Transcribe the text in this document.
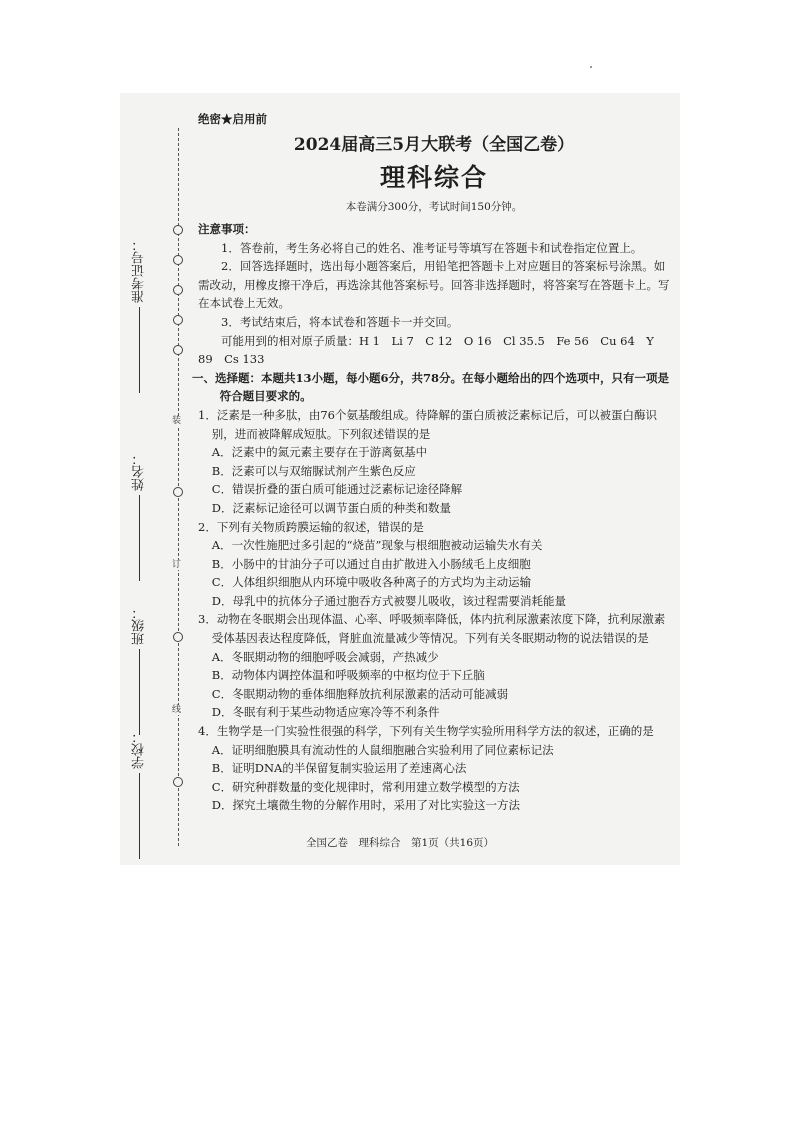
装
订
线
准考证号：
姓名：
班级：
学校：
绝密★启用前
2024届高三5月大联考（全国乙卷）
理科综合
本卷满分300分，考试时间150分钟。
注意事项：

1．答卷前，考生务必将自己的姓名、准考证号等填写在答题卡和试卷指定位置上。

2．回答选择题时，选出每小题答案后，用铅笔把答题卡上对应题目的答案标号涂黑。如需改动，用橡皮擦干净后，再选涂其他答案标号。回答非选择题时，将答案写在答题卡上。写在本试卷上无效。

3．考试结束后，将本试卷和答题卡一并交回。

可能用到的相对原子质量：H 1　Li 7　C 12　O 16　Cl 35.5　Fe 56　Cu 64　Y 89　Cs 133

一、选择题：本题共13小题，每小题6分，共78分。在每小题给出的四个选项中，只有一项是符合题目要求的。
1．泛素是一种多肽，由76个氨基酸组成。待降解的蛋白质被泛素标记后，可以被蛋白酶识别，进而被降解成短肽。下列叙述错误的是
A．泛素中的氮元素主要存在于游离氨基中
B．泛素可以与双缩脲试剂产生紫色反应
C．错误折叠的蛋白质可能通过泛素标记途径降解
D．泛素标记途径可以调节蛋白质的种类和数量
2．下列有关物质跨膜运输的叙述，错误的是
A．一次性施肥过多引起的“烧苗”现象与根细胞被动运输失水有关
B．小肠中的甘油分子可以通过自由扩散进入小肠绒毛上皮细胞
C．人体组织细胞从内环境中吸收各种离子的方式均为主动运输
D．母乳中的抗体分子通过胞吞方式被婴儿吸收，该过程需要消耗能量
3．动物在冬眠期会出现体温、心率、呼吸频率降低，体内抗利尿激素浓度下降，抗利尿激素受体基因表达程度降低，肾脏血流量减少等情况。下列有关冬眠期动物的说法错误的是
A．冬眠期动物的细胞呼吸会减弱，产热减少
B．动物体内调控体温和呼吸频率的中枢均位于下丘脑
C．冬眠期动物的垂体细胞释放抗利尿激素的活动可能减弱
D．冬眠有利于某些动物适应寒冷等不利条件
4．生物学是一门实验性很强的科学，下列有关生物学实验所用科学方法的叙述，正确的是
A．证明细胞膜具有流动性的人鼠细胞融合实验利用了同位素标记法
B．证明DNA的半保留复制实验运用了差速离心法
C．研究种群数量的变化规律时，常利用建立数学模型的方法
D．探究土壤微生物的分解作用时，采用了对比实验这一方法
全国乙卷　理科综合　第1页（共16页）
